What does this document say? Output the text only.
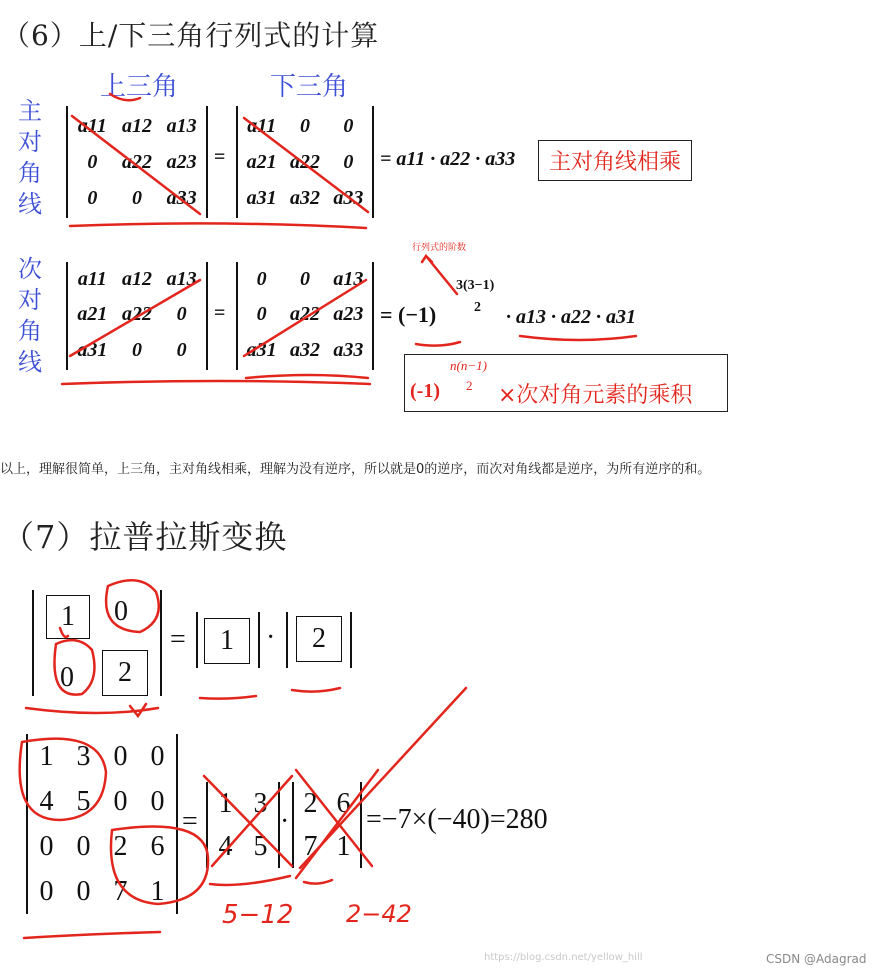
（6）上/下三角行列式的计算
上三角	下三角
主
对
角
线
次
对
角
线
a11 a12 a13
0	a22 a23
0	0	a33
=
a11	0	0
a21 a22	0
a31 a32 a33
= a11 · a22 · a33	主对角线相乘
a11 a12 a13
a21 a22	0
a31	0	0
=
0	0	a13
0	a22 a23
a31 a32 a33
行列式的阶数
= (−1)
3(3−1)
2 · a13 · a22 · a31
(-1)
n(n−1)
2 ×次对角元素的乘积
以上，理解很简单，上三角，主对角线相乘，理解为没有逆序，所以就是0的逆序，而次对角线都是逆序，为所有逆序的和。
（7）拉普拉斯变换
1	0
0	2
=	1	·	2
1 3 0 0
4 5 0 0
0 0 2 6
0 0 7 1
=
1 3
4 5
·
2 6
7 1
=−7×(−40)=280
5−12 2−42
https://blog.csdn.net/yellow_hill	CSDN @Adagrad
